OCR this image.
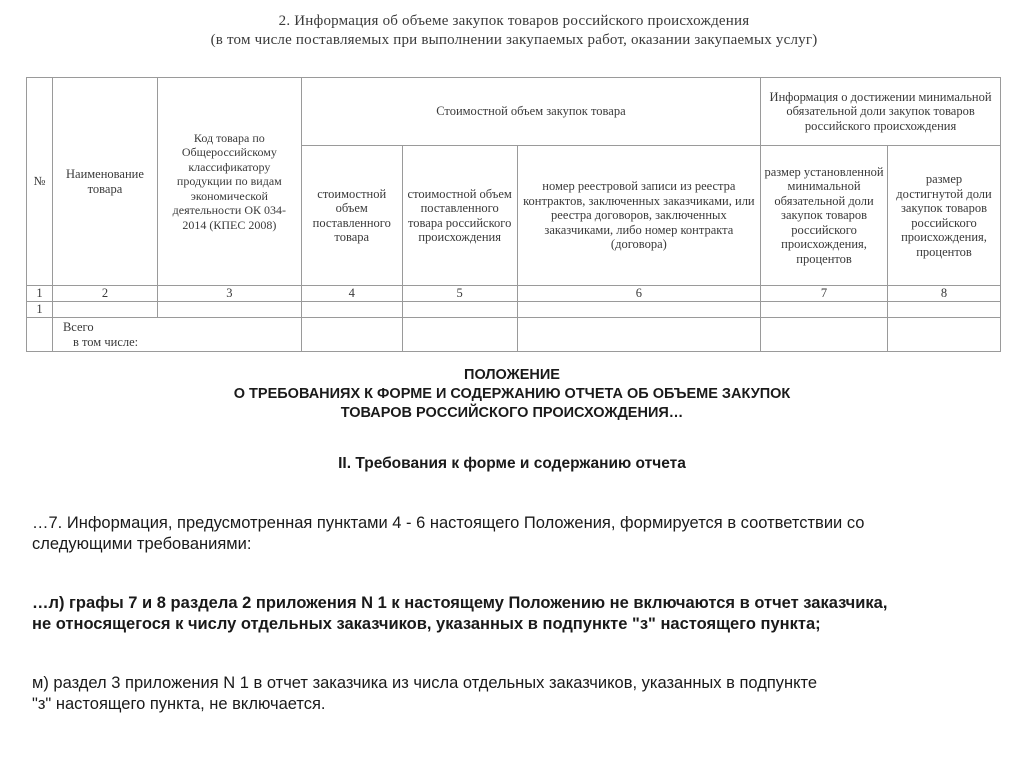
2. Информация об объеме закупок товаров российского происхождения
(в том числе поставляемых при выполнении закупаемых работ, оказании закупаемых услуг)
№	Наименование товара	Код товара по Общероссийскому классификатору продукции по видам экономической деятельности ОК 034-2014 (КПЕС 2008)	Стоимостной объем закупок товара			Информация о достижении минимальной обязательной доли закупок товаров российского происхождения	
			стоимостной объем поставленного товара	стоимостной объем поставленного товара российского происхождения	номер реестровой записи из реестра контрактов, заключенных заказчиками, или реестра договоров, заключенных заказчиками, либо номер контракта (договора)	размер установленной минимальной обязательной доли закупок товаров российского происхождения, процентов	размер достигнутой доли закупок товаров российского происхождения, процентов
1	2	3	4	5	6	7	8
1							

	Всего
в том числе:						

ПОЛОЖЕНИЕ
О ТРЕБОВАНИЯХ К ФОРМЕ И СОДЕРЖАНИЮ ОТЧЕТА ОБ ОБЪЕМЕ ЗАКУПОК
ТОВАРОВ РОССИЙСКОГО ПРОИСХОЖДЕНИЯ…
II. Требования к форме и содержанию отчета
…7. Информация, предусмотренная пунктами 4 - 6 настоящего Положения, формируется в соответствии со
следующими требованиями:
…л) графы 7 и 8 раздела 2 приложения N 1 к настоящему Положению не включаются в отчет заказчика,
не относящегося к числу отдельных заказчиков, указанных в подпункте "з" настоящего пункта;
м) раздел 3 приложения N 1 в отчет заказчика из числа отдельных заказчиков, указанных в подпункте
"з" настоящего пункта, не включается.
